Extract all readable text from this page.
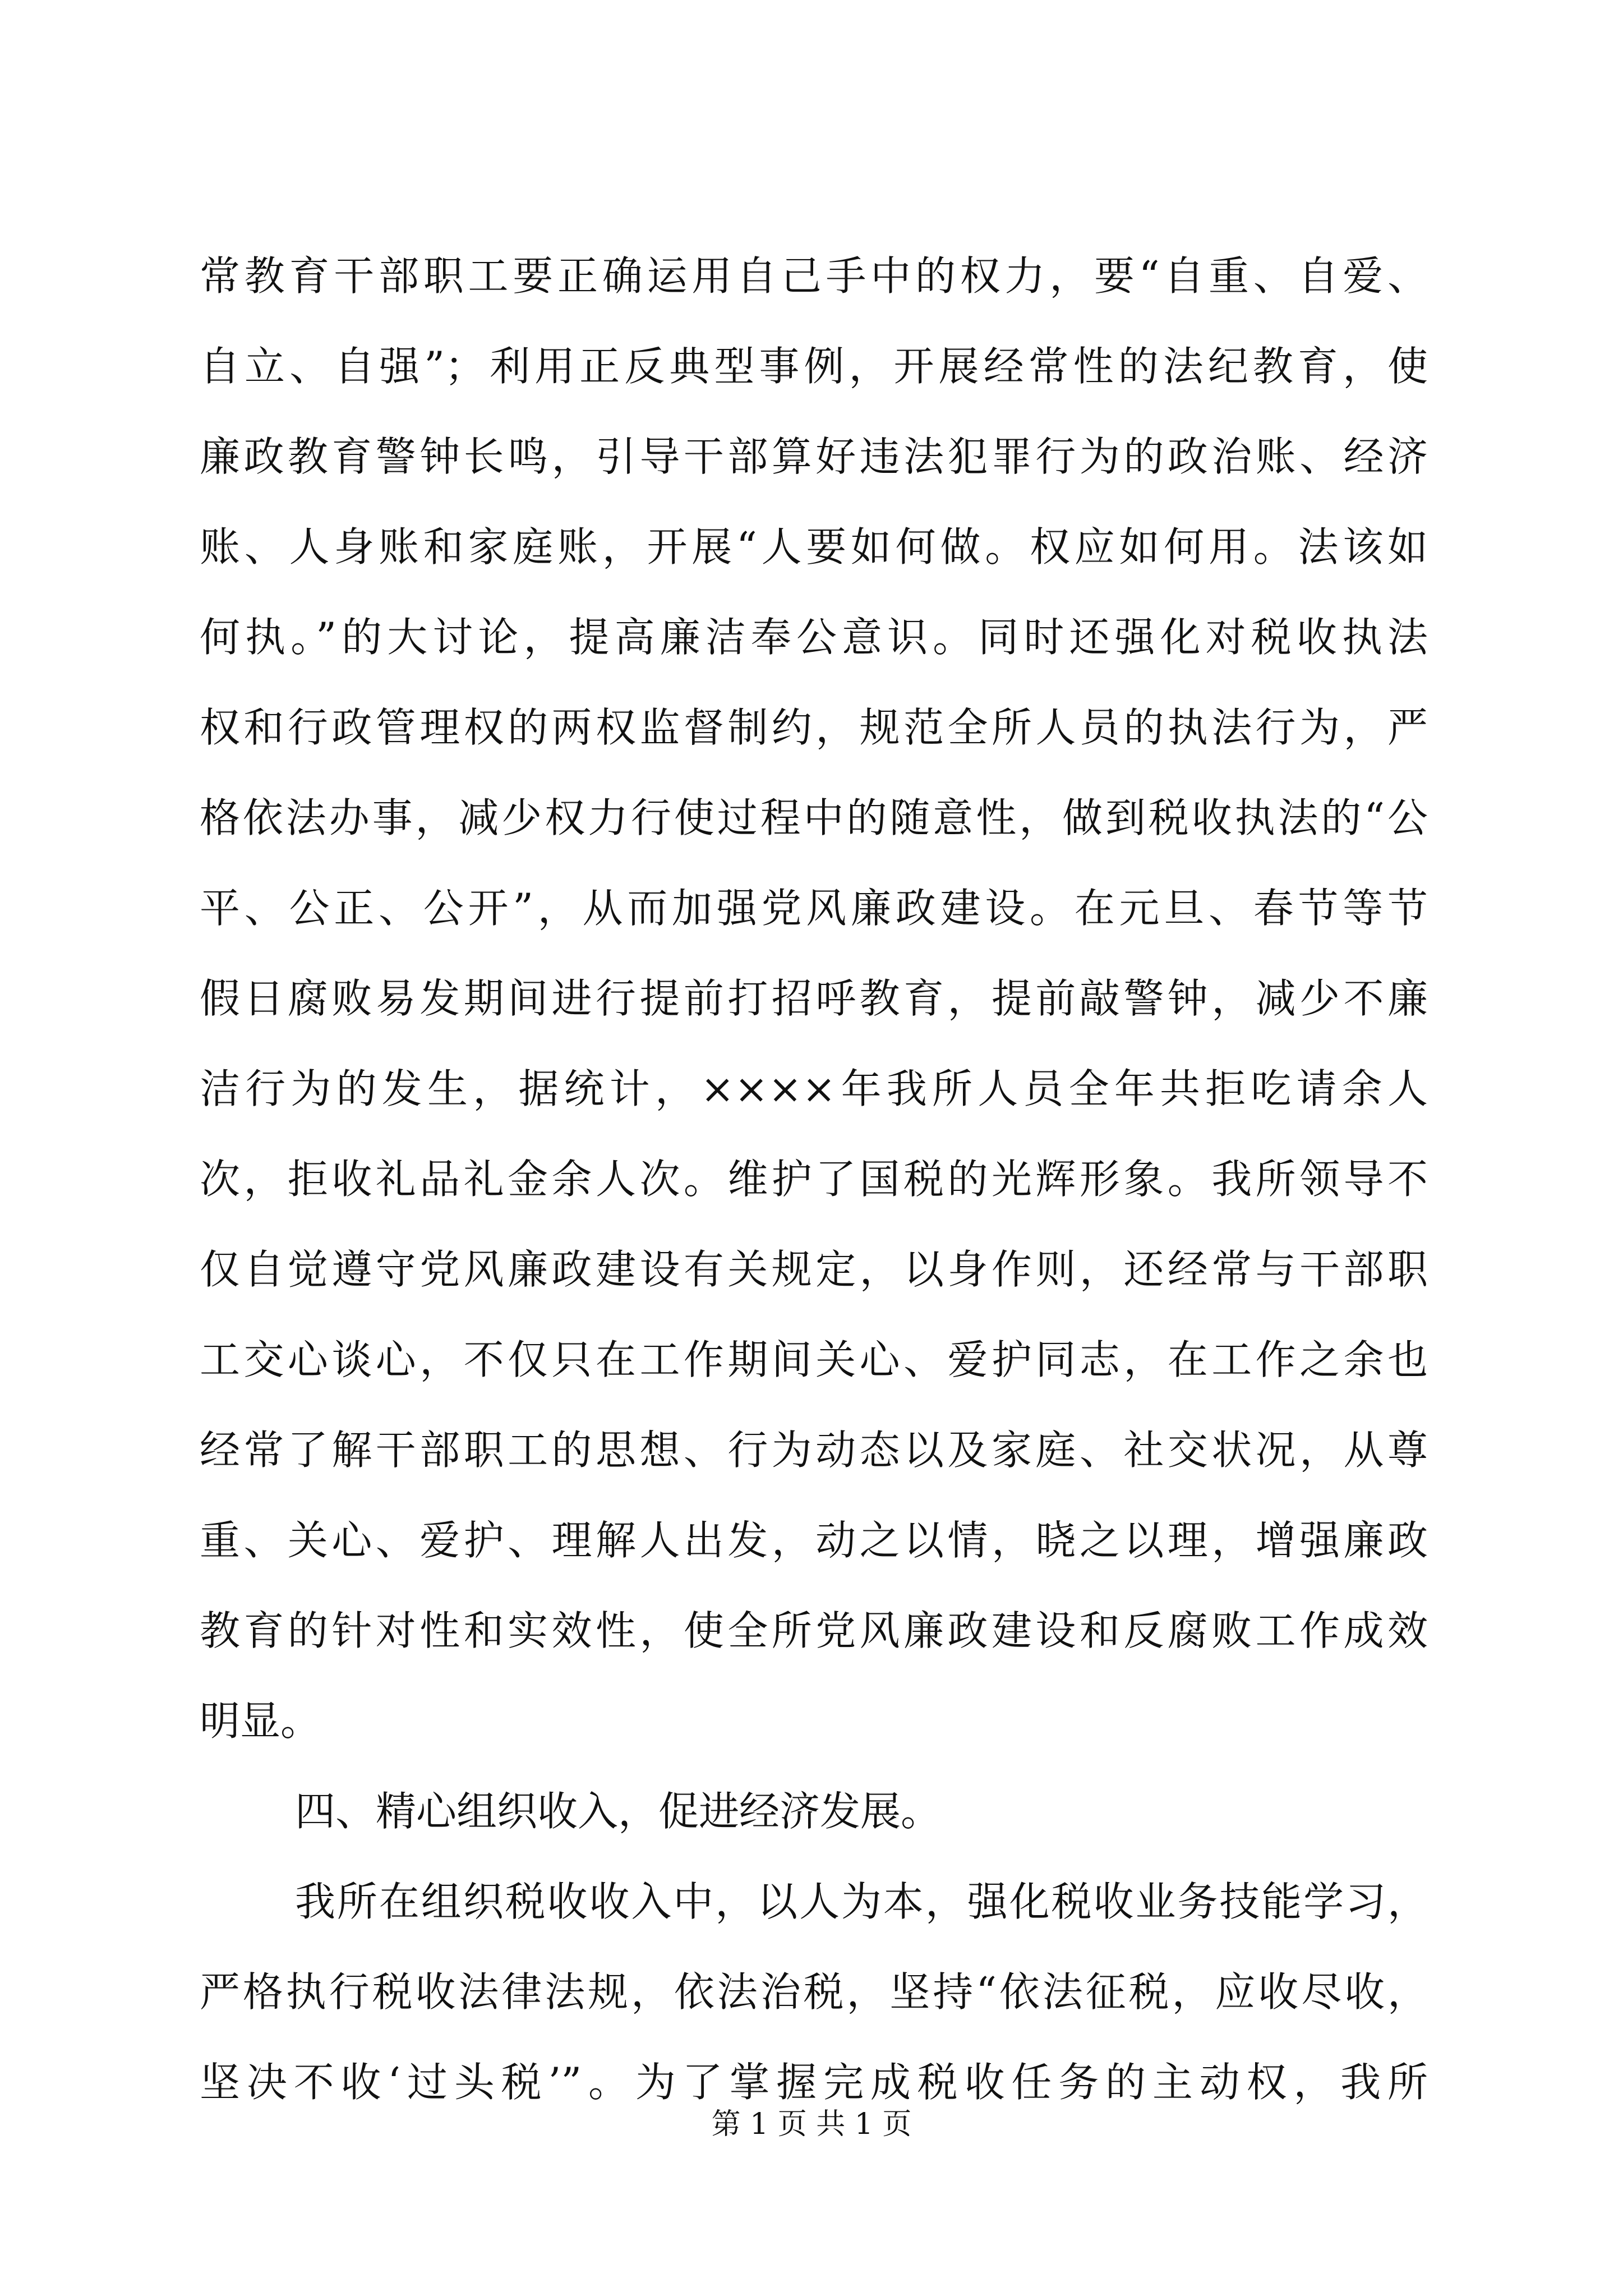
常教育干部职工要正确运用自己手中的权力，要“自重、自爱、
自立、自强”；利用正反典型事例，开展经常性的法纪教育，使
廉政教育警钟长鸣，引导干部算好违法犯罪行为的政治账、经济
账、人身账和家庭账，开展“人要如何做。权应如何用。法该如
何执。”的大讨论，提高廉洁奉公意识。同时还强化对税收执法
权和行政管理权的两权监督制约，规范全所人员的执法行为，严
格依法办事，减少权力行使过程中的随意性，做到税收执法的“公
平、公正、公开”，从而加强党风廉政建设。在元旦、春节等节
假日腐败易发期间进行提前打招呼教育，提前敲警钟，减少不廉
洁行为的发生，据统计，××××年我所人员全年共拒吃请余人
次，拒收礼品礼金余人次。维护了国税的光辉形象。我所领导不
仅自觉遵守党风廉政建设有关规定，以身作则，还经常与干部职
工交心谈心，不仅只在工作期间关心、爱护同志，在工作之余也
经常了解干部职工的思想、行为动态以及家庭、社交状况，从尊
重、关心、爱护、理解人出发，动之以情，晓之以理，增强廉政
教育的针对性和实效性，使全所党风廉政建设和反腐败工作成效
明显。
四、精心组织收入，促进经济发展。
我所在组织税收收入中，以人为本，强化税收业务技能学习，
严格执行税收法律法规，依法治税，坚持“依法征税，应收尽收，
坚决不收‘过头税’”。为了掌握完成税收任务的主动权，我所
第 1 页 共 1 页
